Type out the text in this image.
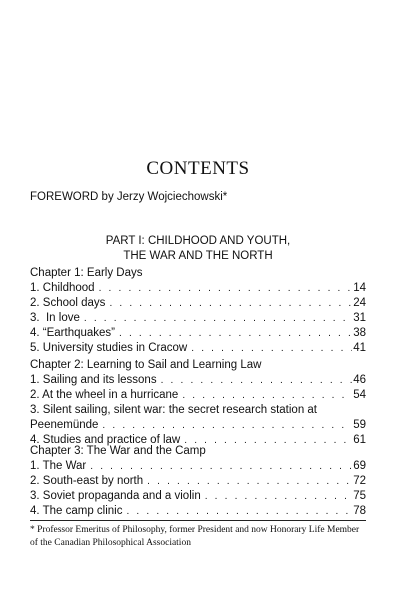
CONTENTS

FOREWORD by Jerzy Wojciechowski*

PART I: CHILDHOOD AND YOUTH,
THE WAR AND THE NORTH
Chapter 1: Early Days
1. Childhood . . .	14
2. School days . . .	24
3.  In love . . .	31
4. “Earthquakes” . . .	38
5. University studies in Cracow . . .	41
Chapter 2: Learning to Sail and Learning Law
1. Sailing and its lessons . . .	46
2. At the wheel in a hurricane . . .	54
3. Silent sailing, silent war: the secret research station at
Peenemünde . . .	59
4. Studies and practice of law . . .	61
Chapter 3: The War and the Camp
1. The War . . .	69
2. South-east by north . . .	72
3. Soviet propaganda and a violin . . .	75
4. The camp clinic . . .	78

* Professor Emeritus of Philosophy, former President and now Honorary Life Member of the Canadian Philosophical Association
